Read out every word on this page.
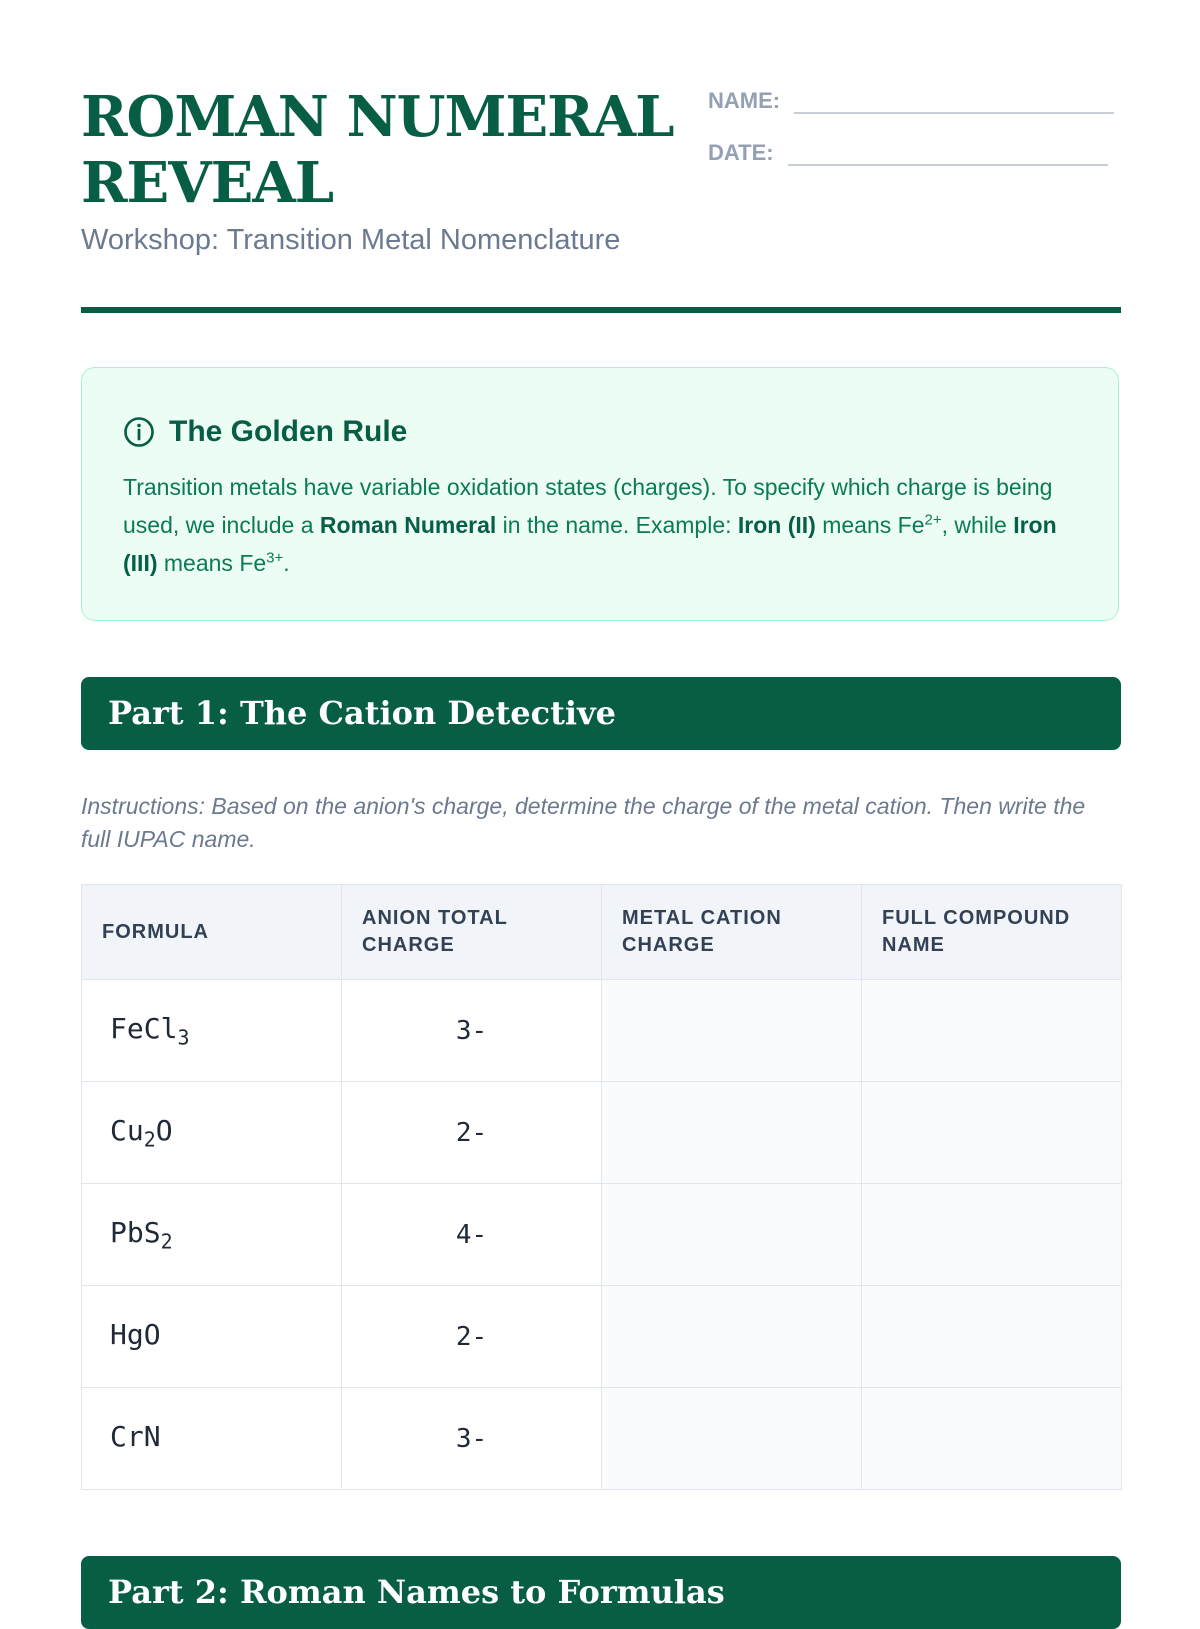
ROMAN NUMERAL REVEAL

Workshop: Transition Metal Nomenclature

NAME:
DATE:
The Golden Rule

Transition metals have variable oxidation states (charges). To specify which charge is being used, we include a Roman Numeral in the name. Example: Iron (II) means $Fe^{2+}$, while Iron (III) means $Fe^{3+}$.

Part 1: The Cation Detective

Instructions: Based on the anion's charge, determine the charge of the metal cation. Then write the full IUPAC name.

FORMULA	ANION TOTAL CHARGE	METAL CATION CHARGE	FULL COMPOUND NAME
FeCl$_3$	3-		
$Cu_2O$	2-		
PbS$_2$	4-		
HgO	2-		
CrN	3-		
Part 2: Roman Names to Formulas
